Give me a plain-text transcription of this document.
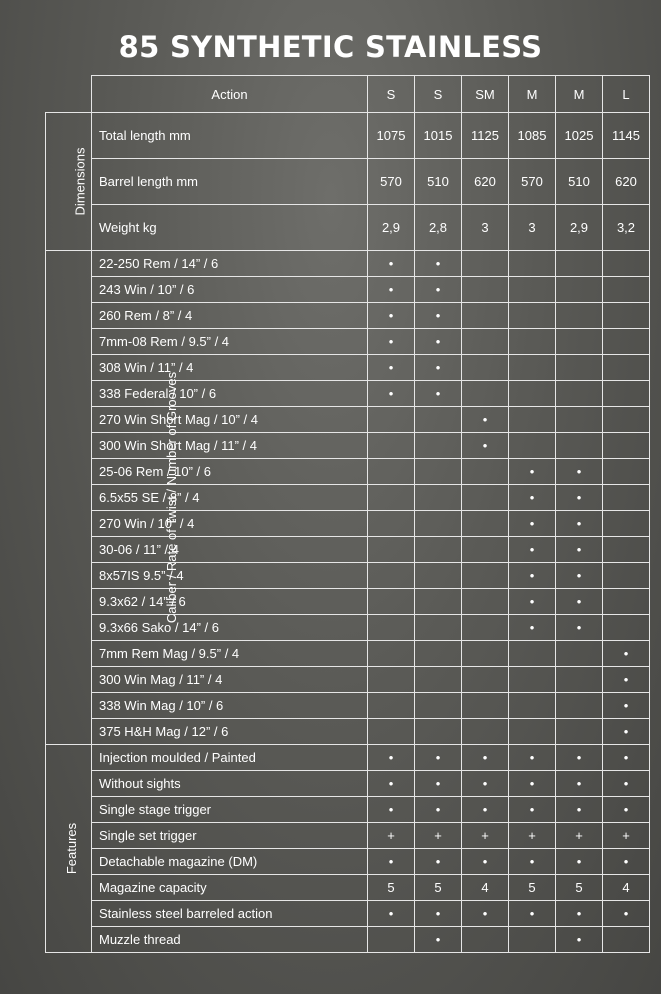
85 SYNTHETIC STAINLESS
	Action	S	S	SM	M	M	L
Dimensions	Total length mm	1075	1015	1125	1085	1025	1145
	Barrel length mm	570	510	620	570	510	620
	Weight kg	2,9	2,8	3	3	2,9	3,2
Caliber / Rate of Twist / Number of Grooves	22-250 Rem / 14” / 6	•	•				
	243 Win / 10” / 6	•	•				
	260 Rem / 8” / 4	•	•				
	7mm-08 Rem / 9.5” / 4	•	•				
	308 Win / 11” / 4	•	•				
	338 Federal / 10” / 6	•	•				
	270 Win Short Mag / 10” / 4			•			
	300 Win Short Mag / 11” / 4			•			
	25-06 Rem / 10” / 6				•	•	
	6.5x55 SE / 8” / 4				•	•	
	270 Win / 10” / 4				•	•	
	30-06 / 11” / 4				•	•	
	8x57IS 9.5” / 4				•	•	
	9.3x62 / 14” / 6				•	•	
	9.3x66 Sako / 14” / 6				•	•	
	7mm Rem Mag / 9.5” / 4						•
	300 Win Mag / 11” / 4						•
	338 Win Mag / 10” / 6						•
	375 H&H Mag / 12” / 6						•
Features	Injection moulded / Painted	•	•	•	•	•	•
	Without sights	•	•	•	•	•	•
	Single stage trigger	•	•	•	•	•	•
	Single set trigger	+	+	+	+	+	+
	Detachable magazine (DM)	•	•	•	•	•	•
	Magazine capacity	5	5	4	5	5	4
	Stainless steel barreled action	•	•	•	•	•	•
	Muzzle thread		•			•	
